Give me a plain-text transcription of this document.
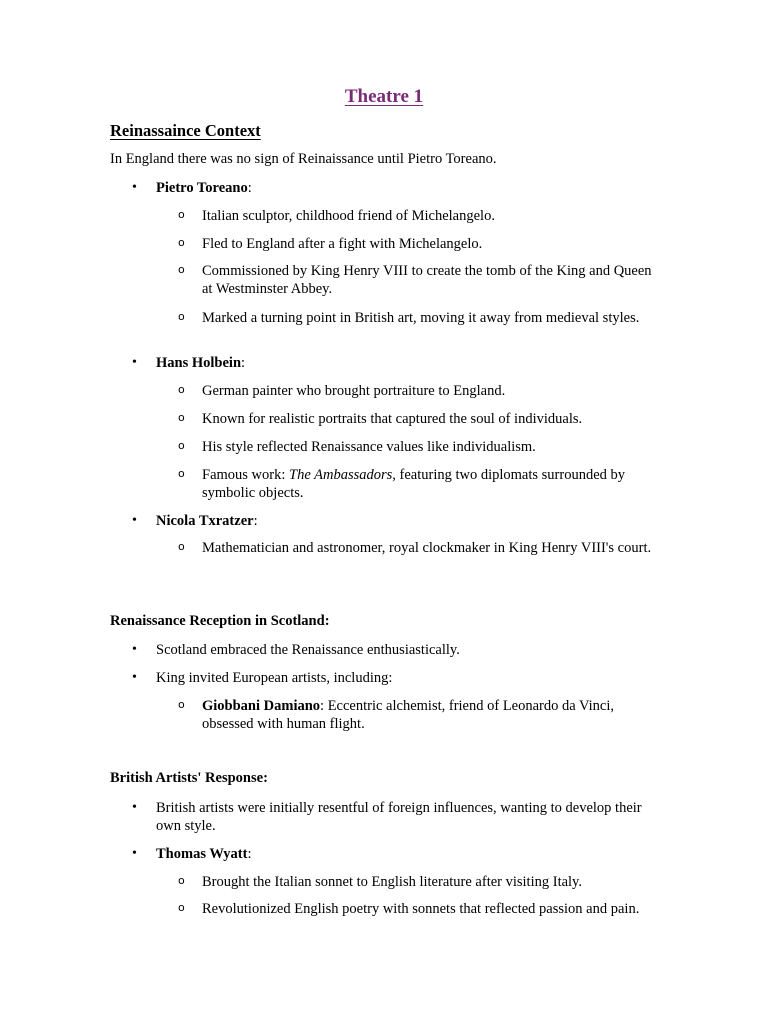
Theatre 1
Reinassaince Context
In England there was no sign of Reinaissance until Pietro Toreano.
• Pietro Toreano:
o Italian sculptor, childhood friend of Michelangelo.
o Fled to England after a fight with Michelangelo.
o Commissioned by King Henry VIII to create the tomb of the King and Queen at Westminster Abbey.
o Marked a turning point in British art, moving it away from medieval styles.
• Hans Holbein:
o German painter who brought portraiture to England.
o Known for realistic portraits that captured the soul of individuals.
o His style reflected Renaissance values like individualism.
o Famous work: The Ambassadors, featuring two diplomats surrounded by symbolic objects.
• Nicola Txratzer:
o Mathematician and astronomer, royal clockmaker in King Henry VIII's court.
Renaissance Reception in Scotland:
• Scotland embraced the Renaissance enthusiastically.
• King invited European artists, including:
o Giobbani Damiano: Eccentric alchemist, friend of Leonardo da Vinci, obsessed with human flight.
British Artists' Response:
• British artists were initially resentful of foreign influences, wanting to develop their own style.
• Thomas Wyatt:
o Brought the Italian sonnet to English literature after visiting Italy.
o Revolutionized English poetry with sonnets that reflected passion and pain.
